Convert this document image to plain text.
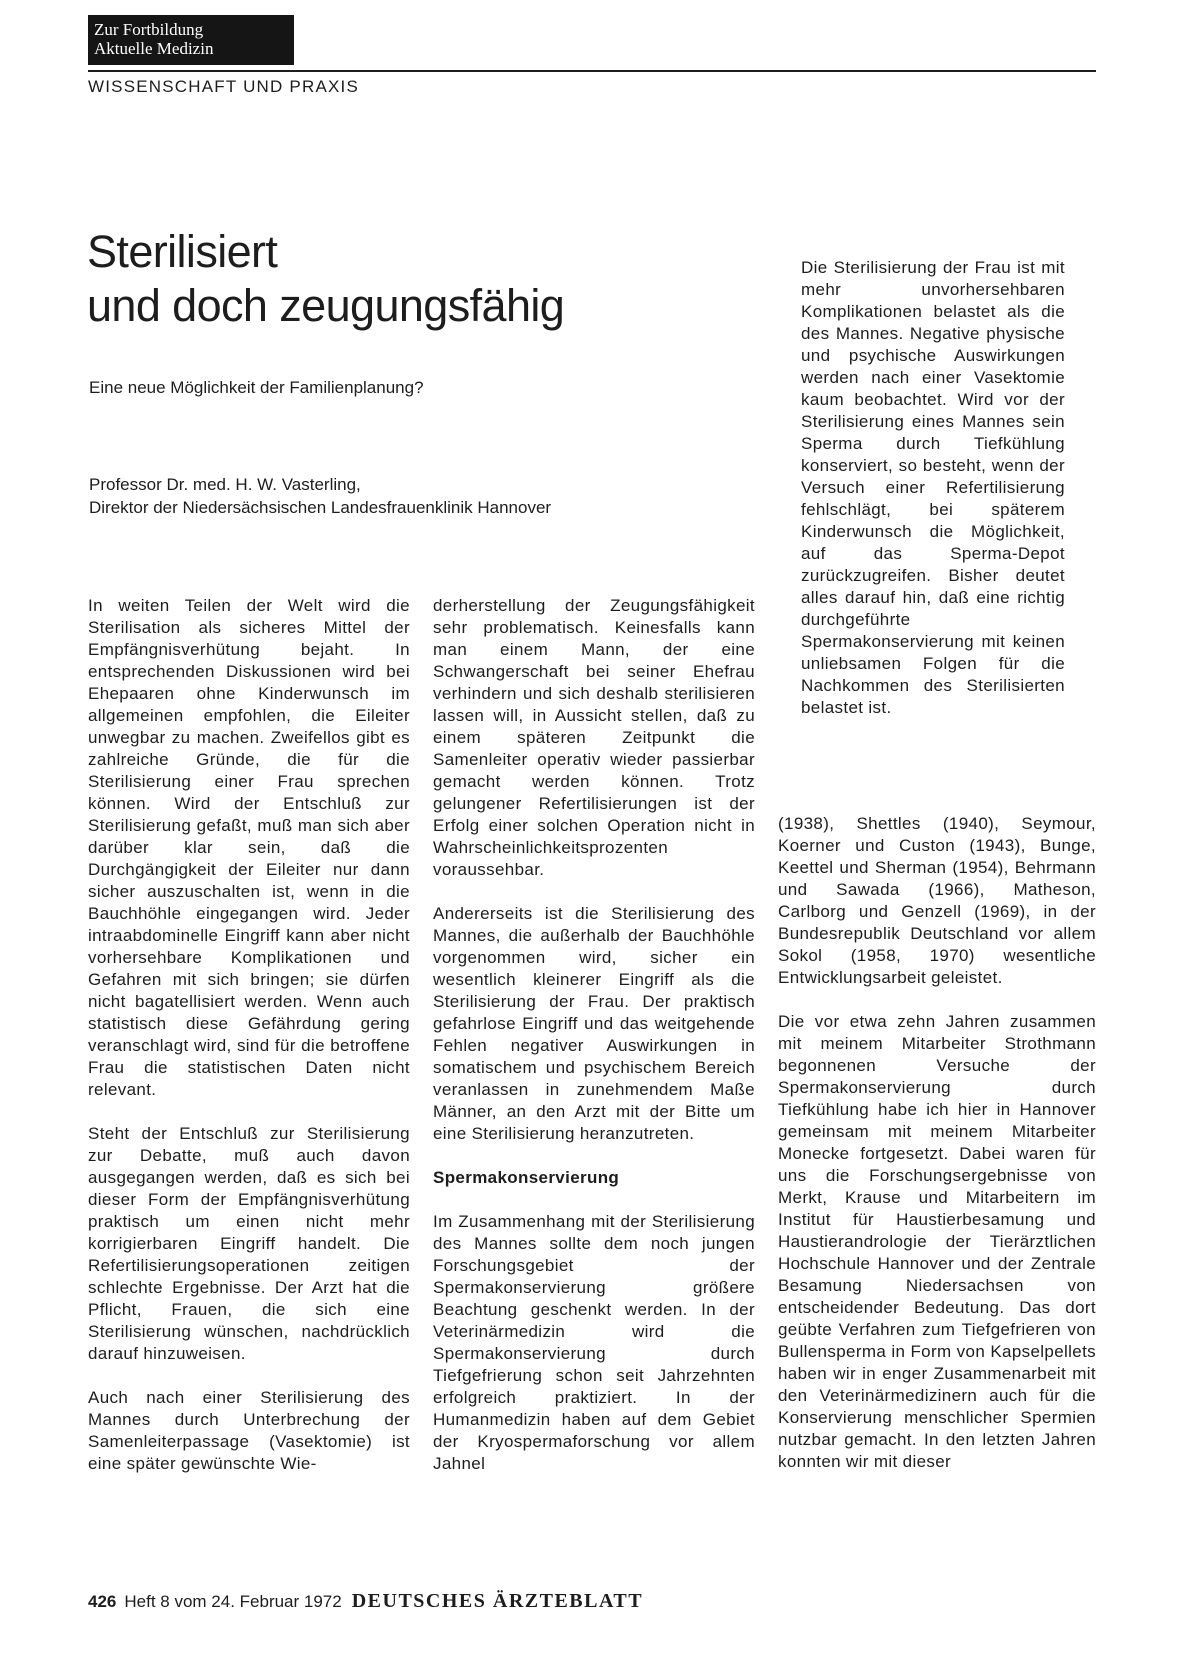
Zur Fortbildung
Aktuelle Medizin
WISSENSCHAFT UND PRAXIS
Sterilisiert
und doch zeugungsfähig
Eine neue Möglichkeit der Familienplanung?
Professor Dr. med. H. W. Vasterling,
Direktor der Niedersächsischen Landesfrauenklinik Hannover

In weiten Teilen der Welt wird die Sterilisation als sicheres Mittel der Empfängnisverhütung bejaht. In entsprechenden Diskussionen wird bei Ehepaaren ohne Kinderwunsch im allgemeinen empfohlen, die Eileiter unwegbar zu machen. Zweifellos gibt es zahlreiche Gründe, die für die Sterilisierung einer Frau sprechen können. Wird der Entschluß zur Sterilisierung gefaßt, muß man sich aber darüber klar sein, daß die Durchgängigkeit der Eileiter nur dann sicher auszuschalten ist, wenn in die Bauchhöhle eingegangen wird. Jeder intraabdominelle Eingriff kann aber nicht vorhersehbare Komplikationen und Gefahren mit sich bringen; sie dürfen nicht bagatellisiert werden. Wenn auch statistisch diese Gefährdung gering veranschlagt wird, sind für die betroffene Frau die statistischen Daten nicht relevant.

Steht der Entschluß zur Sterilisierung zur Debatte, muß auch davon ausgegangen werden, daß es sich bei dieser Form der Empfängnisverhütung praktisch um einen nicht mehr korrigierbaren Eingriff handelt. Die Refertilisierungsoperationen zeitigen schlechte Ergebnisse. Der Arzt hat die Pflicht, Frauen, die sich eine Sterilisierung wünschen, nachdrücklich darauf hinzuweisen.

Auch nach einer Sterilisierung des Mannes durch Unterbrechung der Samenleiterpassage (Vasektomie) ist eine später gewünschte Wie-

derherstellung der Zeugungsfähigkeit sehr problematisch. Keinesfalls kann man einem Mann, der eine Schwangerschaft bei seiner Ehefrau verhindern und sich deshalb sterilisieren lassen will, in Aussicht stellen, daß zu einem späteren Zeitpunkt die Samenleiter operativ wieder passierbar gemacht werden können. Trotz gelungener Refertilisierungen ist der Erfolg einer solchen Operation nicht in Wahrscheinlichkeitsprozenten voraussehbar.

Andererseits ist die Sterilisierung des Mannes, die außerhalb der Bauchhöhle vorgenommen wird, sicher ein wesentlich kleinerer Eingriff als die Sterilisierung der Frau. Der praktisch gefahrlose Eingriff und das weitgehende Fehlen negativer Auswirkungen in somatischem und psychischem Bereich veranlassen in zunehmendem Maße Männer, an den Arzt mit der Bitte um eine Sterilisierung heranzutreten.

Spermakonservierung

Im Zusammenhang mit der Sterilisierung des Mannes sollte dem noch jungen Forschungsgebiet der Spermakonservierung größere Beachtung geschenkt werden. In der Veterinärmedizin wird die Spermakonservierung durch Tiefgefrierung schon seit Jahrzehnten erfolgreich praktiziert. In der Humanmedizin haben auf dem Gebiet der Kryospermaforschung vor allem Jahnel

Die Sterilisierung der Frau ist mit mehr unvorhersehbaren Komplikationen belastet als die des Mannes. Negative physische und psychische Auswirkungen werden nach einer Vasektomie kaum beobachtet. Wird vor der Sterilisierung eines Mannes sein Sperma durch Tiefkühlung konserviert, so besteht, wenn der Versuch einer Refertilisierung fehlschlägt, bei späterem Kinderwunsch die Möglichkeit, auf das Sperma-Depot zurückzugreifen. Bisher deutet alles darauf hin, daß eine richtig durchgeführte Spermakonservierung mit keinen unliebsamen Folgen für die Nachkommen des Sterilisierten belastet ist.

(1938), Shettles (1940), Seymour, Koerner und Custon (1943), Bunge, Keettel und Sherman (1954), Behrmann und Sawada (1966), Matheson, Carlborg und Genzell (1969), in der Bundesrepublik Deutschland vor allem Sokol (1958, 1970) wesentliche Entwicklungsarbeit geleistet.

Die vor etwa zehn Jahren zusammen mit meinem Mitarbeiter Strothmann begonnenen Versuche der Spermakonservierung durch Tiefkühlung habe ich hier in Hannover gemeinsam mit meinem Mitarbeiter Monecke fortgesetzt. Dabei waren für uns die Forschungsergebnisse von Merkt, Krause und Mitarbeitern im Institut für Haustierbesamung und Haustierandrologie der Tierärztlichen Hochschule Hannover und der Zentrale Besamung Niedersachsen von entscheidender Bedeutung. Das dort geübte Verfahren zum Tiefgefrieren von Bullensperma in Form von Kapselpellets haben wir in enger Zusammenarbeit mit den Veterinärmedizinern auch für die Konservierung menschlicher Spermien nutzbar gemacht. In den letzten Jahren konnten wir mit dieser

426 Heft 8 vom 24. Februar 1972 DEUTSCHES ÄRZTEBLATT
